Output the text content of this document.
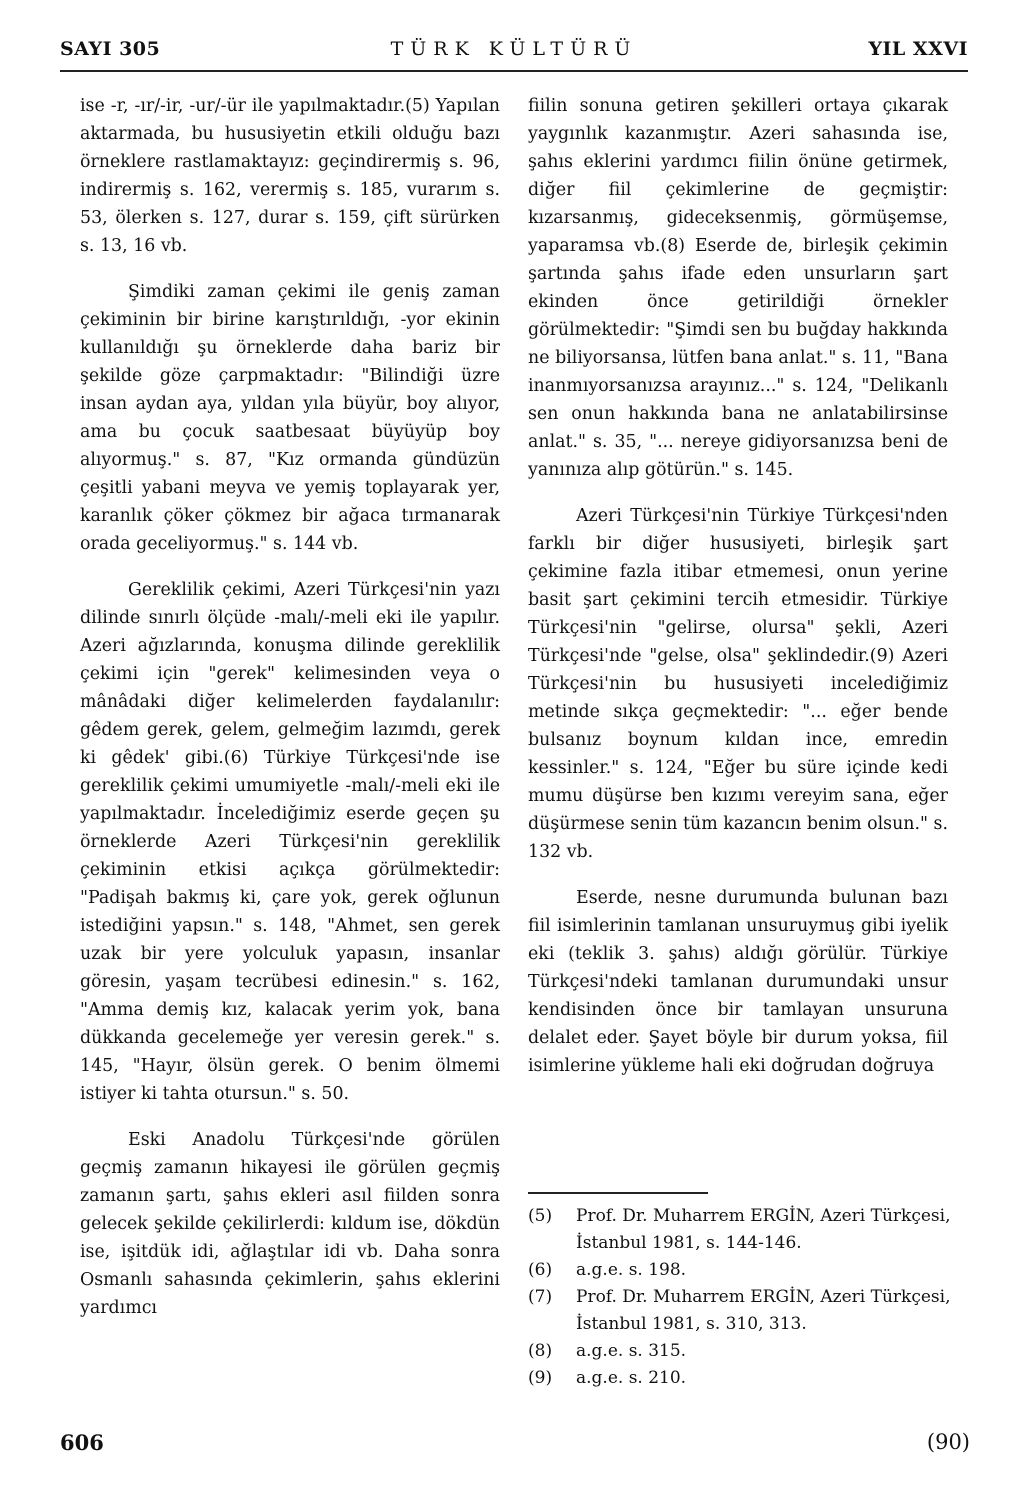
SAYI 305	TÜRK KÜLTÜRÜ	YIL XXVI

ise -r, -ır/-ir, -ur/-ür ile yapılmaktadır.(5) Yapılan aktarmada, bu hususiyetin etkili olduğu bazı örneklere rastlamaktayız: geçindirermiş s. 96, indirermiş s. 162, verermiş s. 185, vurarım s. 53, ölerken s. 127, durar s. 159, çift sürürken s. 13, 16 vb.

Şimdiki zaman çekimi ile geniş zaman çekiminin bir birine karıştırıldığı, -yor ekinin kullanıldığı şu örneklerde daha bariz bir şekilde göze çarpmaktadır: "Bilindiği üzre insan aydan aya, yıldan yıla büyür, boy alıyor, ama bu çocuk saatbesaat büyüyüp boy alıyormuş." s. 87, "Kız ormanda gündüzün çeşitli yabani meyva ve yemiş toplayarak yer, karanlık çöker çökmez bir ağaca tırmanarak orada geceliyormuş." s. 144 vb.

Gereklilik çekimi, Azeri Türkçesi'nin yazı dilinde sınırlı ölçüde -malı/-meli eki ile yapılır. Azeri ağızlarında, konuşma dilinde gereklilik çekimi için "gerek" kelimesinden veya o mânâdaki diğer kelimelerden faydalanılır: gêdem gerek, gelem, gelmeğim lazımdı, gerek ki gêdek' gibi.(6) Türkiye Türkçesi'nde ise gereklilik çekimi umumiyetle -malı/-meli eki ile yapılmaktadır. İncelediğimiz eserde geçen şu örneklerde Azeri Türkçesi'nin gereklilik çekiminin etkisi açıkça görülmektedir: "Padişah bakmış ki, çare yok, gerek oğlunun istediğini yapsın." s. 148, "Ahmet, sen gerek uzak bir yere yolculuk yapasın, insanlar göresin, yaşam tecrübesi edinesin." s. 162, "Amma demiş kız, kalacak yerim yok, bana dükkanda gecelemeğe yer veresin gerek." s. 145, "Hayır, ölsün gerek. O benim ölmemi istiyer ki tahta otursun." s. 50.

Eski Anadolu Türkçesi'nde görülen geçmiş zamanın hikayesi ile görülen geçmiş zamanın şartı, şahıs ekleri asıl fiilden sonra gelecek şekilde çekilirlerdi: kıldum ise, dökdün ise, işitdük idi, ağlaştılar idi vb. Daha sonra Osmanlı sahasında çekimlerin, şahıs eklerini yardımcı

fiilin sonuna getiren şekilleri ortaya çıkarak yaygınlık kazanmıştır. Azeri sahasında ise, şahıs eklerini yardımcı fiilin önüne getirmek, diğer fiil çekimlerine de geçmiştir: kızarsanmış, gideceksenmiş, görmüşemse, yaparamsa vb.(8) Eserde de, birleşik çekimin şartında şahıs ifade eden unsurların şart ekinden önce getirildiği örnekler görülmektedir: "Şimdi sen bu buğday hakkında ne biliyorsansa, lütfen bana anlat." s. 11, "Bana inanmıyorsanızsa arayınız..." s. 124, "Delikanlı sen onun hakkında bana ne anlatabilirsinse anlat." s. 35, "... nereye gidiyorsanızsa beni de yanınıza alıp götürün." s. 145.

Azeri Türkçesi'nin Türkiye Türkçesi'nden farklı bir diğer hususiyeti, birleşik şart çekimine fazla itibar etmemesi, onun yerine basit şart çekimini tercih etmesidir. Türkiye Türkçesi'nin "gelirse, olursa" şekli, Azeri Türkçesi'nde "gelse, olsa" şeklindedir.(9) Azeri Türkçesi'nin bu hususiyeti incelediğimiz metinde sıkça geçmektedir: "... eğer bende bulsanız boynum kıldan ince, emredin kessinler." s. 124, "Eğer bu süre içinde kedi mumu düşürse ben kızımı vereyim sana, eğer düşürmese senin tüm kazancın benim olsun." s. 132 vb.

Eserde, nesne durumunda bulunan bazı fiil isimlerinin tamlanan unsuruymuş gibi iyelik eki (teklik 3. şahıs) aldığı görülür. Türkiye Türkçesi'ndeki tamlanan durumundaki unsur kendisinden önce bir tamlayan unsuruna delalet eder. Şayet böyle bir durum yoksa, fiil isimlerine yükleme hali eki doğrudan doğruya

(5)	Prof. Dr. Muharrem ERGİN, Azeri Türkçesi, İstanbul 1981, s. 144-146.
(6)	a.g.e. s. 198.
(7)	Prof. Dr. Muharrem ERGİN, Azeri Türkçesi, İstanbul 1981, s. 310, 313.
(8)	a.g.e. s. 315.
(9)	a.g.e. s. 210.
606	(90)
